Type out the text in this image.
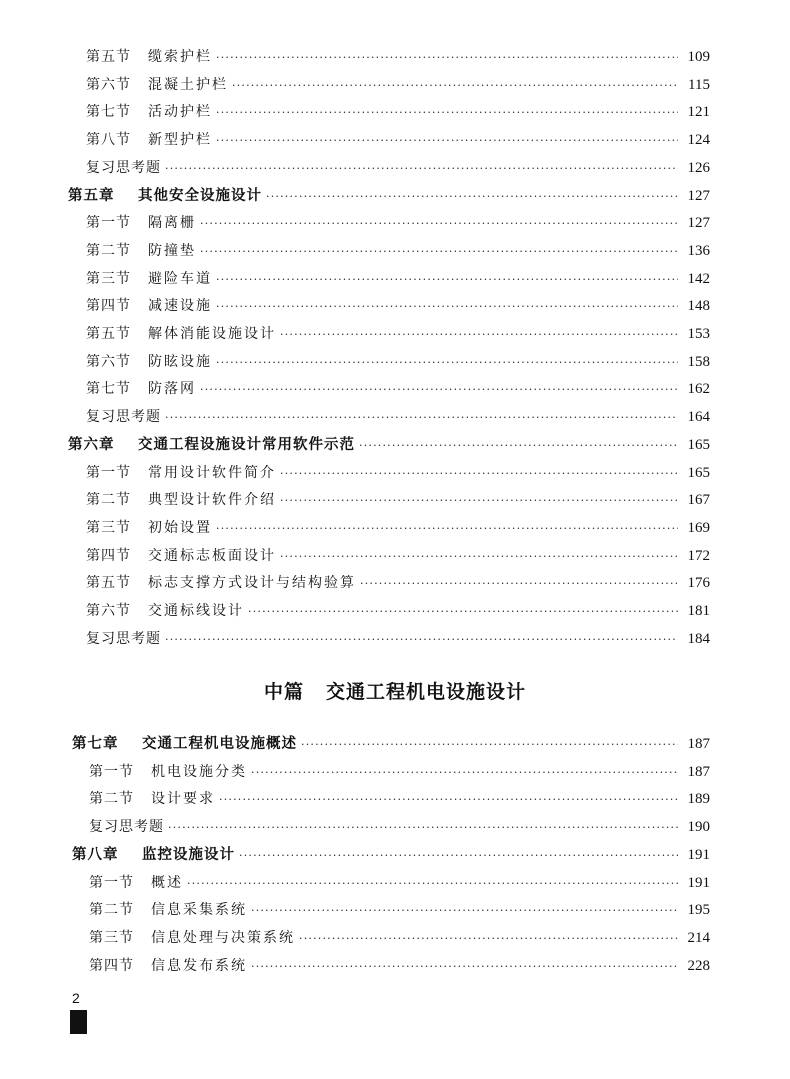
第五节	缆索护栏 ·····	109
第六节	混凝土护栏 ·····	115
第七节	活动护栏 ·····	121
第八节	新型护栏 ·····	124
复习思考题 ·····	126
第五章	其他安全设施设计 ·····	127
第一节	隔离栅 ·····	127
第二节	防撞垫 ·····	136
第三节	避险车道 ·····	142
第四节	减速设施 ·····	148
第五节	解体消能设施设计 ·····	153
第六节	防眩设施 ·····	158
第七节	防落网 ·····	162
复习思考题 ·····	164
第六章	交通工程设施设计常用软件示范 ·····	165
第一节	常用设计软件简介 ·····	165
第二节	典型设计软件介绍 ·····	167
第三节	初始设置 ·····	169
第四节	交通标志板面设计 ·····	172
第五节	标志支撑方式设计与结构验算 ·····	176
第六节	交通标线设计 ·····	181
复习思考题 ·····	184
中篇 交通工程机电设施设计
第七章	交通工程机电设施概述 ·····	187
第一节	机电设施分类 ·····	187
第二节	设计要求 ·····	189
复习思考题 ·····	190
第八章	监控设施设计 ·····	191
第一节	概述 ·····	191
第二节	信息采集系统 ·····	195
第三节	信息处理与决策系统 ·····	214
第四节	信息发布系统 ·····	228
2
